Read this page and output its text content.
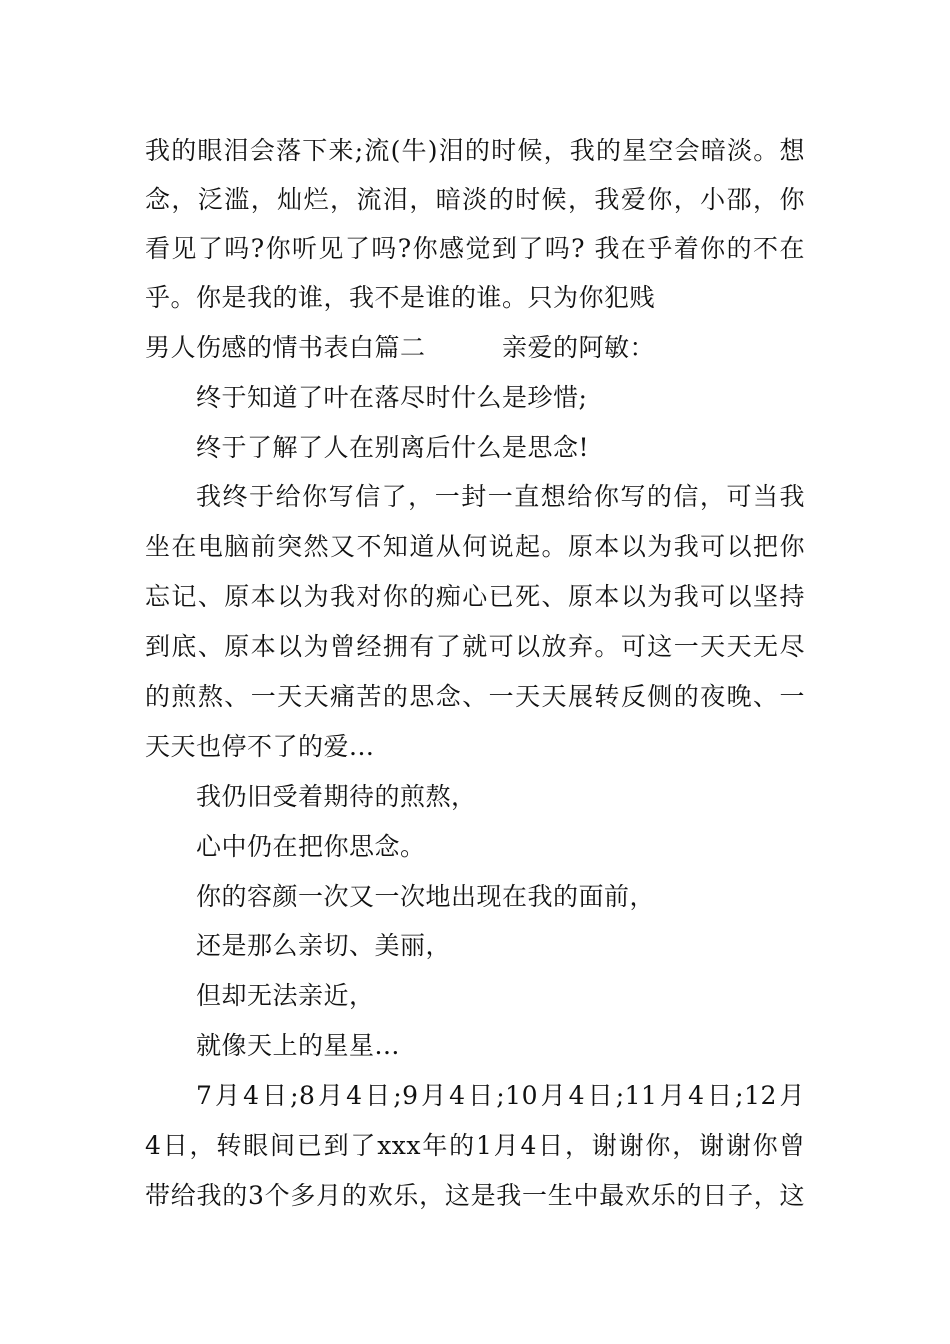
我的眼泪会落下来;流(牛)泪的时候，我的星空会暗淡。想
念，泛滥，灿烂，流泪，暗淡的时候，我爱你，小邵，你
看见了吗?你听见了吗?你感觉到了吗? 我在乎着你的不在
乎。你是我的谁，我不是谁的谁。只为你犯贱
男人伤感的情书表白篇二　　　亲爱的阿敏：
终于知道了叶在落尽时什么是珍惜;
终于了解了人在别离后什么是思念!
我终于给你写信了，一封一直想给你写的信，可当我
坐在电脑前突然又不知道从何说起。原本以为我可以把你
忘记、原本以为我对你的痴心已死、原本以为我可以坚持
到底、原本以为曾经拥有了就可以放弃。可这一天天无尽
的煎熬、一天天痛苦的思念、一天天展转反侧的夜晚、一
天天也停不了的爱...
我仍旧受着期待的煎熬，
心中仍在把你思念。
你的容颜一次又一次地出现在我的面前，
还是那么亲切、美丽，
但却无法亲近，
就像天上的星星...
7月4日;8月4日;9月4日;10月4日;11月4日;12月
4日，转眼间已到了xxx年的1月4日，谢谢你，谢谢你曾
带给我的3个多月的欢乐，这是我一生中最欢乐的日子，这
